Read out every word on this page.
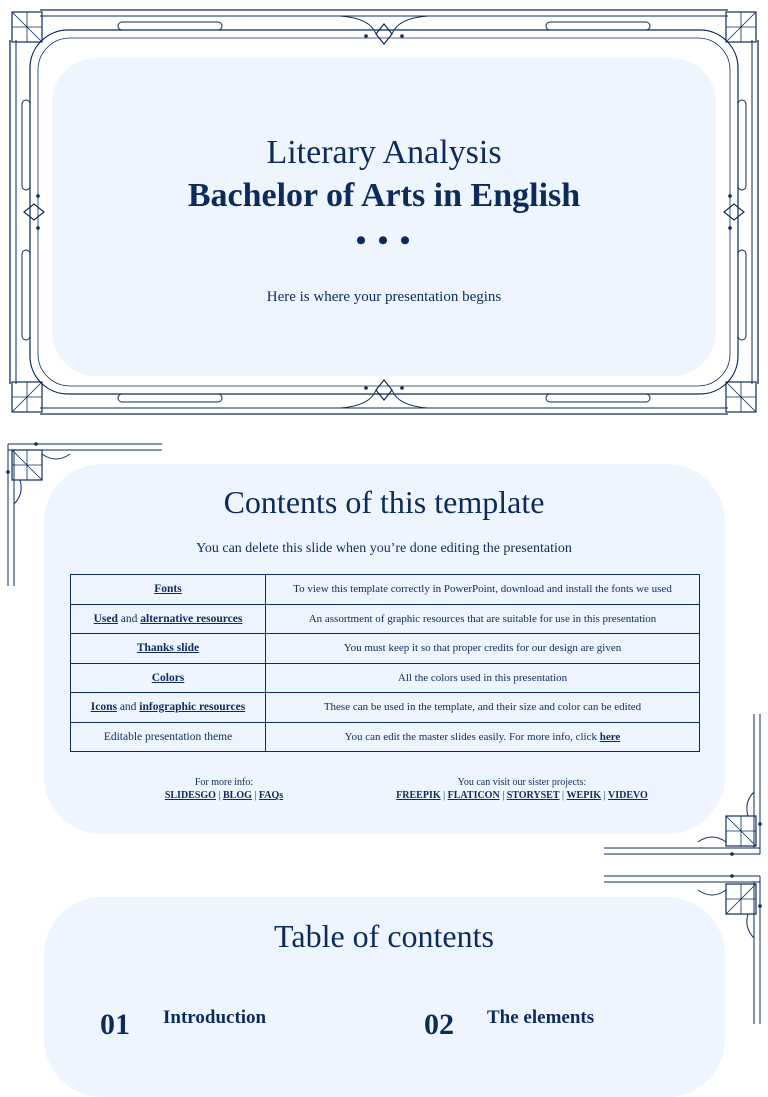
Literary Analysis
Bachelor of Arts in English
• • •
Here is where your presentation begins
Contents of this template
You can delete this slide when you’re done editing the presentation
Fonts	To view this template correctly in PowerPoint, download and install the fonts we used
Used and alternative resources	An assortment of graphic resources that are suitable for use in this presentation
Thanks slide	You must keep it so that proper credits for our design are given
Colors	All the colors used in this presentation
Icons and infographic resources	These can be used in the template, and their size and color can be edited
Editable presentation theme	You can edit the master slides easily. For more info, click here
For more info:
SLIDESGO | BLOG | FAQs
You can visit our sister projects:
FREEPIK | FLATICON | STORYSET | WEPIK | VIDEVO
Table of contents
01 Introduction	02 The elements
